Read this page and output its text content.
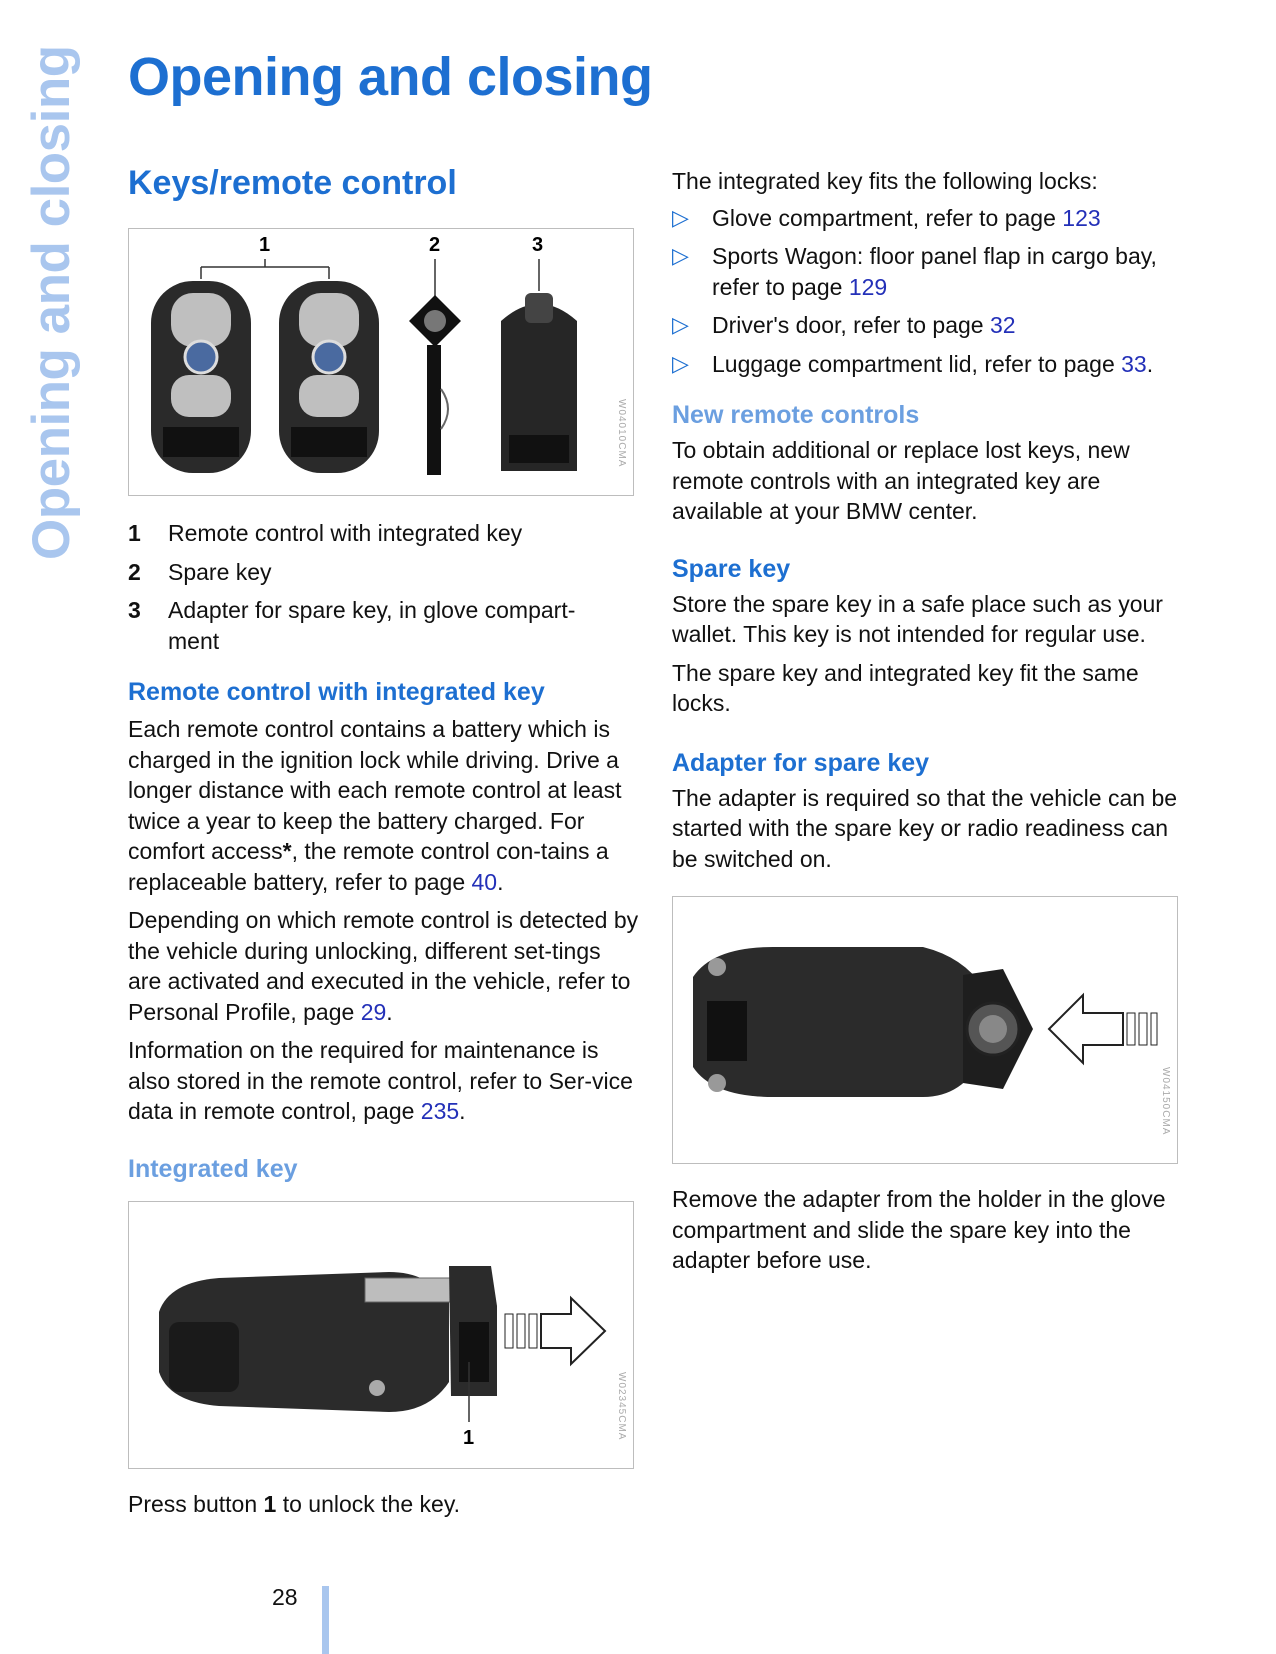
Opening and closing Opening and closing
Keys/remote control
1	2	3
W04010CMA
1	Remote control with integrated key
2	Spare key
3	Adapter for spare key, in glove compart-ment
Remote control with integrated key

Each remote control contains a battery which is charged in the ignition lock while driving. Drive a longer distance with each remote control at least twice a year to keep the battery charged. For comfort access*, the remote control con-tains a replaceable battery, refer to page 40.

Depending on which remote control is detected by the vehicle during unlocking, different set-tings are activated and executed in the vehicle, refer to Personal Profile, page 29.

Information on the required for maintenance is also stored in the remote control, refer to Ser-vice data in remote control, page 235.

Integrated key
1	W02345CMA

Press button 1 to unlock the key.

The integrated key fits the following locks:

▷	Glove compartment, refer to page 123
▷	Sports Wagon: floor panel flap in cargo bay, refer to page 129
▷	Driver's door, refer to page 32
▷	Luggage compartment lid, refer to page 33.
New remote controls

To obtain additional or replace lost keys, new remote controls with an integrated key are available at your BMW center.

Spare key

Store the spare key in a safe place such as your wallet. This key is not intended for regular use.

The spare key and integrated key fit the same locks.

Adapter for spare key

The adapter is required so that the vehicle can be started with the spare key or radio readiness can be switched on.

W04150CMA

Remove the adapter from the holder in the glove compartment and slide the spare key into the adapter before use.

28
